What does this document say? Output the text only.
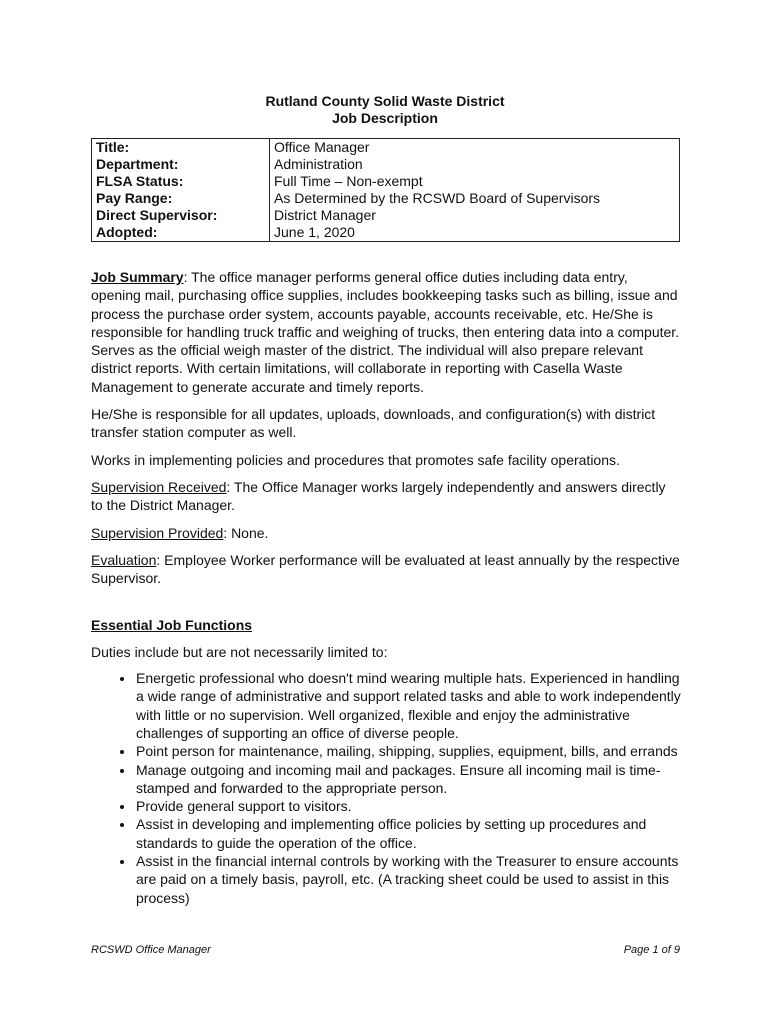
Rutland County Solid Waste District
Job Description
Title:	Office Manager
Department:	Administration
FLSA Status:	Full Time – Non-exempt
Pay Range:	As Determined by the RCSWD Board of Supervisors
Direct Supervisor:	District Manager
Adopted:	June 1, 2020

Job Summary: The office manager performs general office duties including data entry, opening mail, purchasing office supplies, includes bookkeeping tasks such as billing, issue and process the purchase order system, accounts payable, accounts receivable, etc. He/She is responsible for handling truck traffic and weighing of trucks, then entering data into a computer. Serves as the official weigh master of the district. The individual will also prepare relevant district reports. With certain limitations, will collaborate in reporting with Casella Waste Management to generate accurate and timely reports.

He/She is responsible for all updates, uploads, downloads, and configuration(s) with district transfer station computer as well.

Works in implementing policies and procedures that promotes safe facility operations.

Supervision Received: The Office Manager works largely independently and answers directly to the District Manager.

Supervision Provided: None.

Evaluation: Employee Worker performance will be evaluated at least annually by the respective Supervisor.

Essential Job Functions
Duties include but are not necessarily limited to:
• Energetic professional who doesn't mind wearing multiple hats. Experienced in handling a wide range of administrative and support related tasks and able to work independently with little or no supervision. Well organized, flexible and enjoy the administrative challenges of supporting an office of diverse people.
• Point person for maintenance, mailing, shipping, supplies, equipment, bills, and errands
• Manage outgoing and incoming mail and packages. Ensure all incoming mail is time-stamped and forwarded to the appropriate person.
• Provide general support to visitors.
• Assist in developing and implementing office policies by setting up procedures and standards to guide the operation of the office.
• Assist in the financial internal controls by working with the Treasurer to ensure accounts are paid on a timely basis, payroll, etc. (A tracking sheet could be used to assist in this process)
RCSWD Office Manager	Page 1 of 9
